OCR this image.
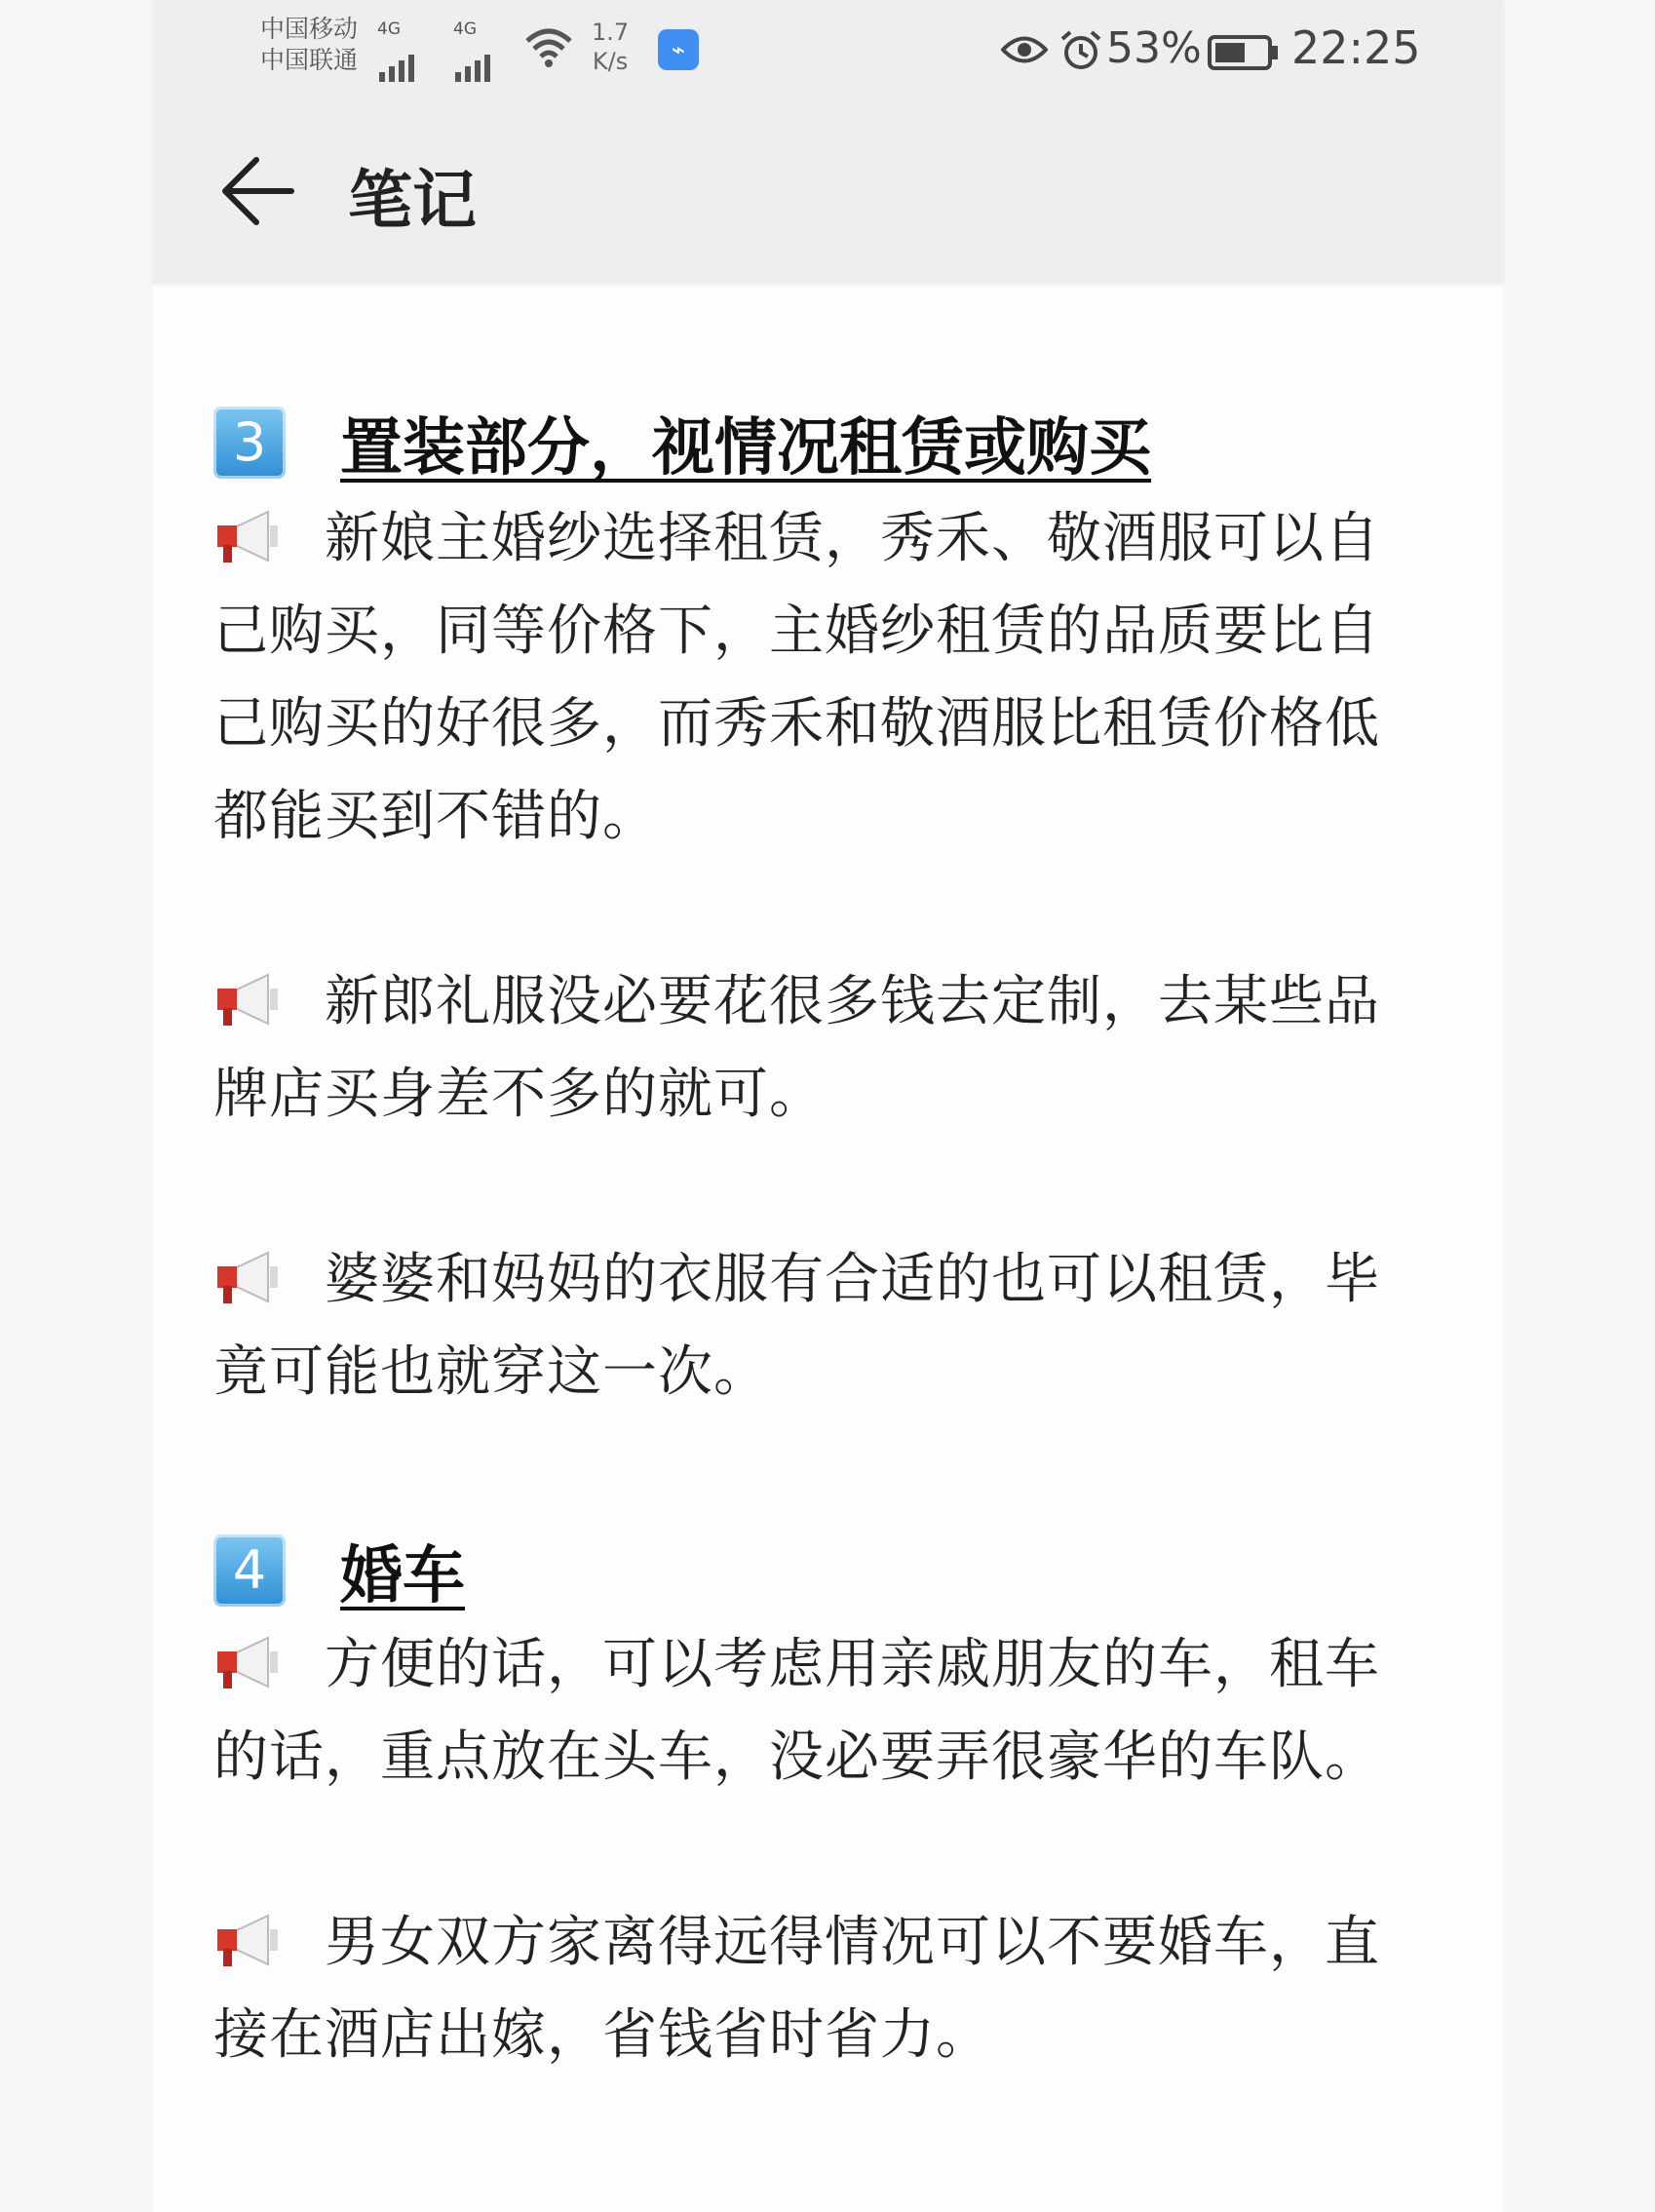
中国移动
中国联通
4G	4G	1.7
K/s	⌁	53% 22:25
笔记
3	置装部分，视情况租赁或购买
新娘主婚纱选择租赁，秀禾、敬酒服可以自己购买，同等价格下，主婚纱租赁的品质要比自己购买的好很多，而秀禾和敬酒服比租赁价格低都能买到不错的。
新郎礼服没必要花很多钱去定制，去某些品牌店买身差不多的就可。
婆婆和妈妈的衣服有合适的也可以租赁，毕竟可能也就穿这一次。
4	婚车
方便的话，可以考虑用亲戚朋友的车，租车的话，重点放在头车，没必要弄很豪华的车队。
男女双方家离得远得情况可以不要婚车，直接在酒店出嫁，省钱省时省力。
